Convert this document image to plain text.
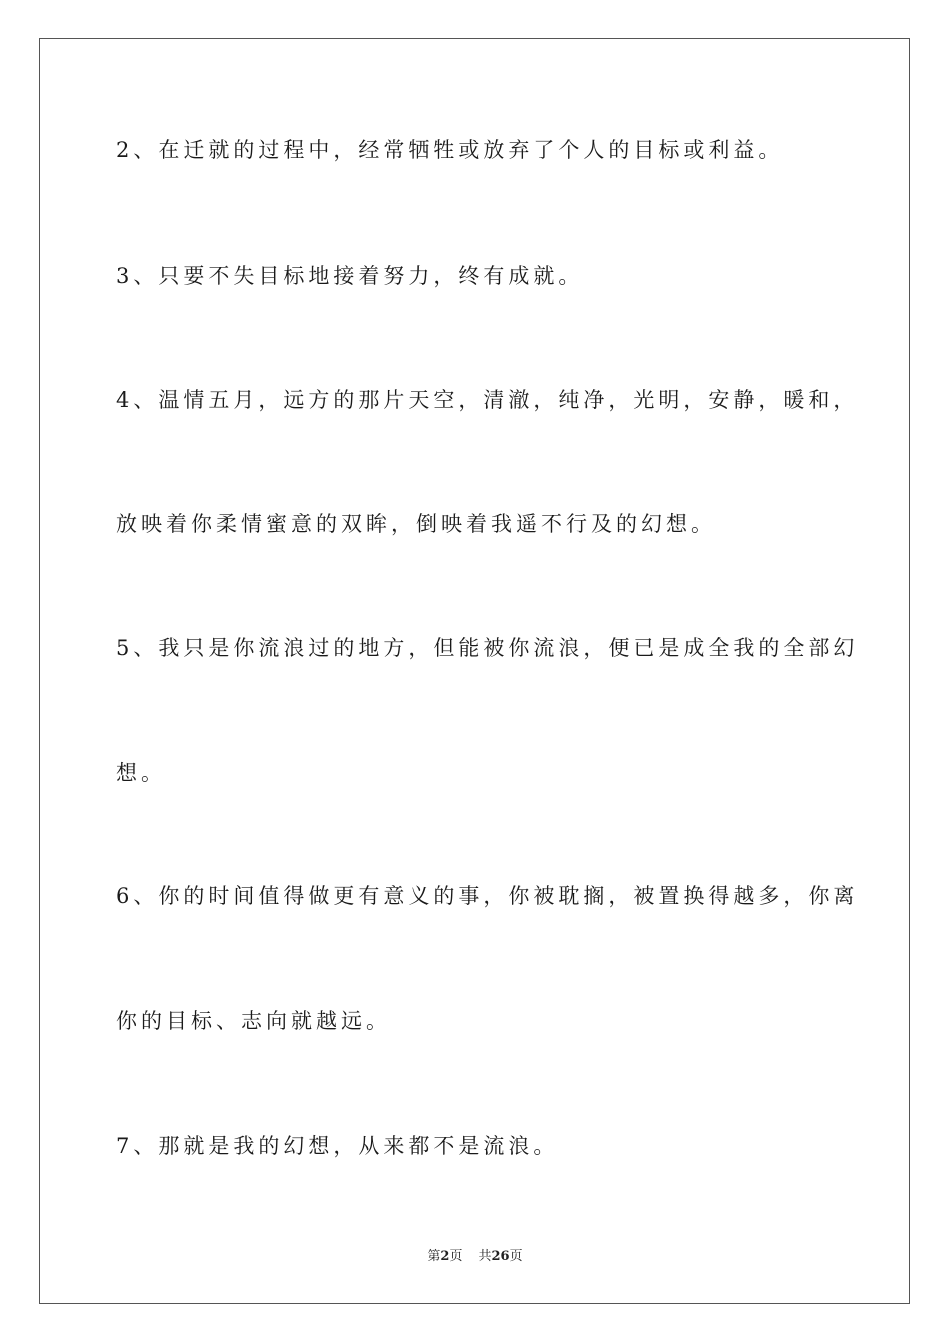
2、在迁就的过程中，经常牺牲或放弃了个人的目标或利益。
3、只要不失目标地接着努力，终有成就。
4、温情五月，远方的那片天空，清澈，纯净，光明，安静，暖和，
放映着你柔情蜜意的双眸，倒映着我遥不行及的幻想。
5、我只是你流浪过的地方，但能被你流浪，便已是成全我的全部幻
想。
6、你的时间值得做更有意义的事，你被耽搁，被置换得越多，你离
你的目标、志向就越远。
7、那就是我的幻想，从来都不是流浪。
第2页 共26页
